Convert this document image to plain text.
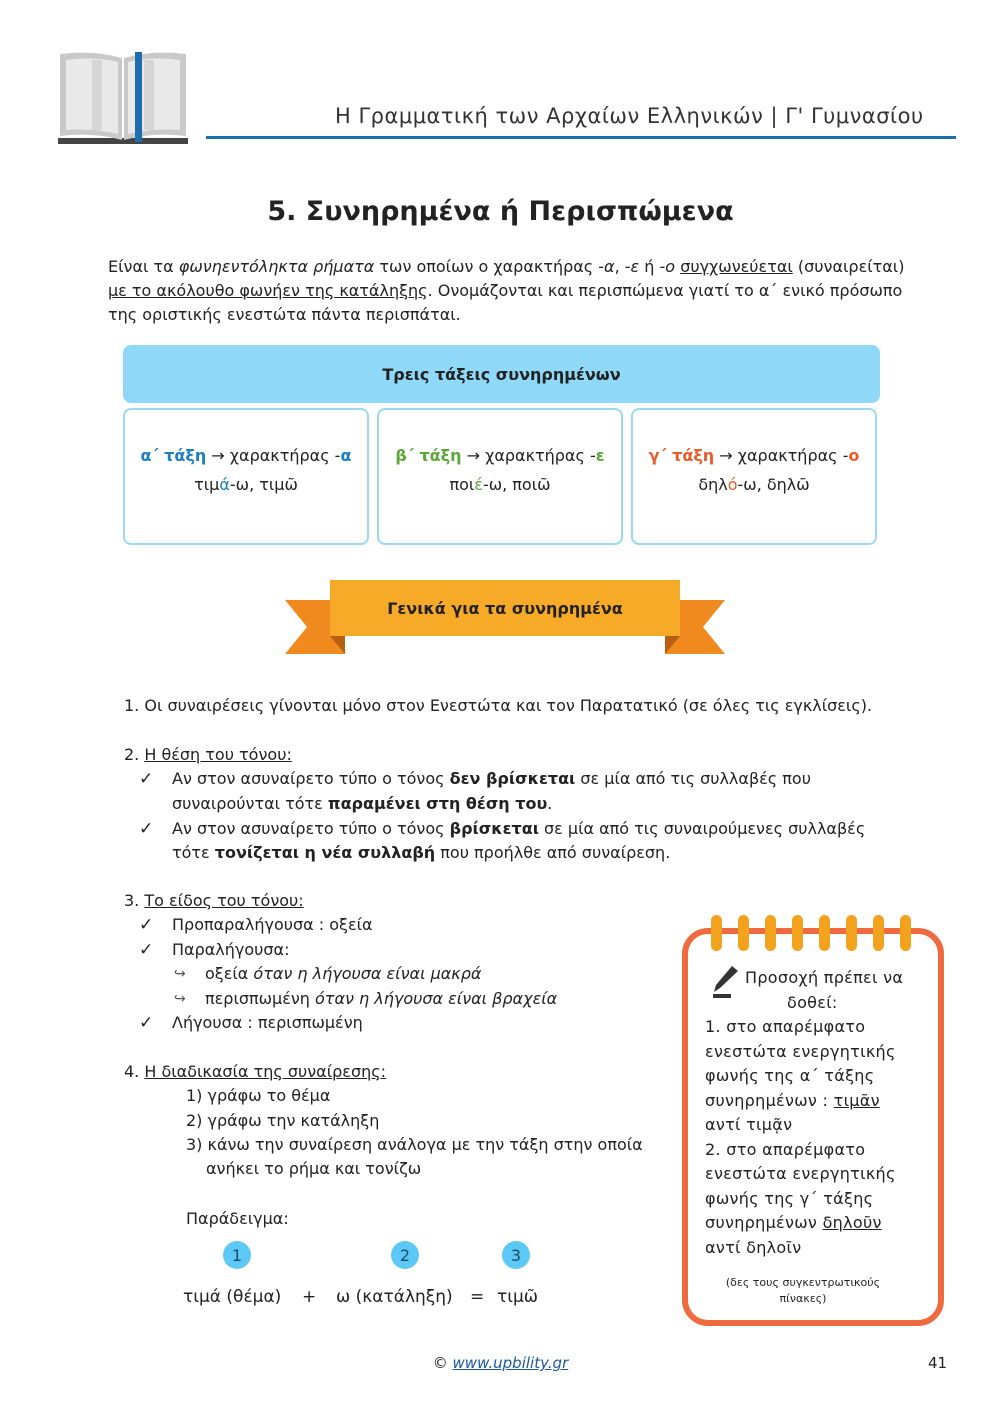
Η Γραμματική των Αρχαίων Ελληνικών | Γ' Γυμνασίου
5. Συνηρημένα ή Περισπώμενα
Είναι τα φωνηεντόληκτα ρήματα των οποίων ο χαρακτήρας -α, -ε ή -ο συγχωνεύεται (συναιρείται) με το ακόλουθο φωνήεν της κατάληξης. Ονομάζονται και περισπώμενα γιατί το α΄ ενικό πρόσωπο της οριστικής ενεστώτα πάντα περισπάται.
Τρεις τάξεις συνηρημένων
α΄ τάξη → χαρακτήρας -α
τιμά-ω, τιμῶ
β΄ τάξη → χαρακτήρας -ε
ποιέ-ω, ποιῶ
γ΄ τάξη → χαρακτήρας -ο
δηλό-ω, δηλῶ
Γενικά για τα συνηρημένα
1. Οι συναιρέσεις γίνονται μόνο στον Ενεστώτα και τον Παρατατικό (σε όλες τις εγκλίσεις).
2. Η θέση του τόνου:
✓ Αν στον ασυναίρετο τύπο ο τόνος δεν βρίσκεται σε μία από τις συλλαβές που
συναιρούνται τότε παραμένει στη θέση του.
✓ Αν στον ασυναίρετο τύπο ο τόνος βρίσκεται σε μία από τις συναιρούμενες συλλαβές
τότε τονίζεται η νέα συλλαβή που προήλθε από συναίρεση.
3. Το είδος του τόνου:
✓ Προπαραλήγουσα : οξεία
✓ Παραλήγουσα:
↪ οξεία όταν η λήγουσα είναι μακρά
↪ περισπωμένη όταν η λήγουσα είναι βραχεία
✓ Λήγουσα : περισπωμένη
4. Η διαδικασία της συναίρεσης:
1) γράφω το θέμα
2) γράφω την κατάληξη
3) κάνω την συναίρεση ανάλογα με την τάξη στην οποία
ανήκει το ρήμα και τονίζω
Παράδειγμα:
1	2	3
τιμά (θέμα) + ω (κατάληξη) = τιμῶ
Προσοχή πρέπει να
δοθεί:
1. στο απαρέμφατο
ενεστώτα ενεργητικής
φωνής της α΄ τάξης
συνηρημένων : τιμᾶν
αντί τιμᾷν
2. στο απαρέμφατο
ενεστώτα ενεργητικής
φωνής της γ΄ τάξης
συνηρημένων δηλοῦν
αντί δηλοῖν
(δες τους συγκεντρωτικούς πίνακες)
© www.upbility.gr	41
